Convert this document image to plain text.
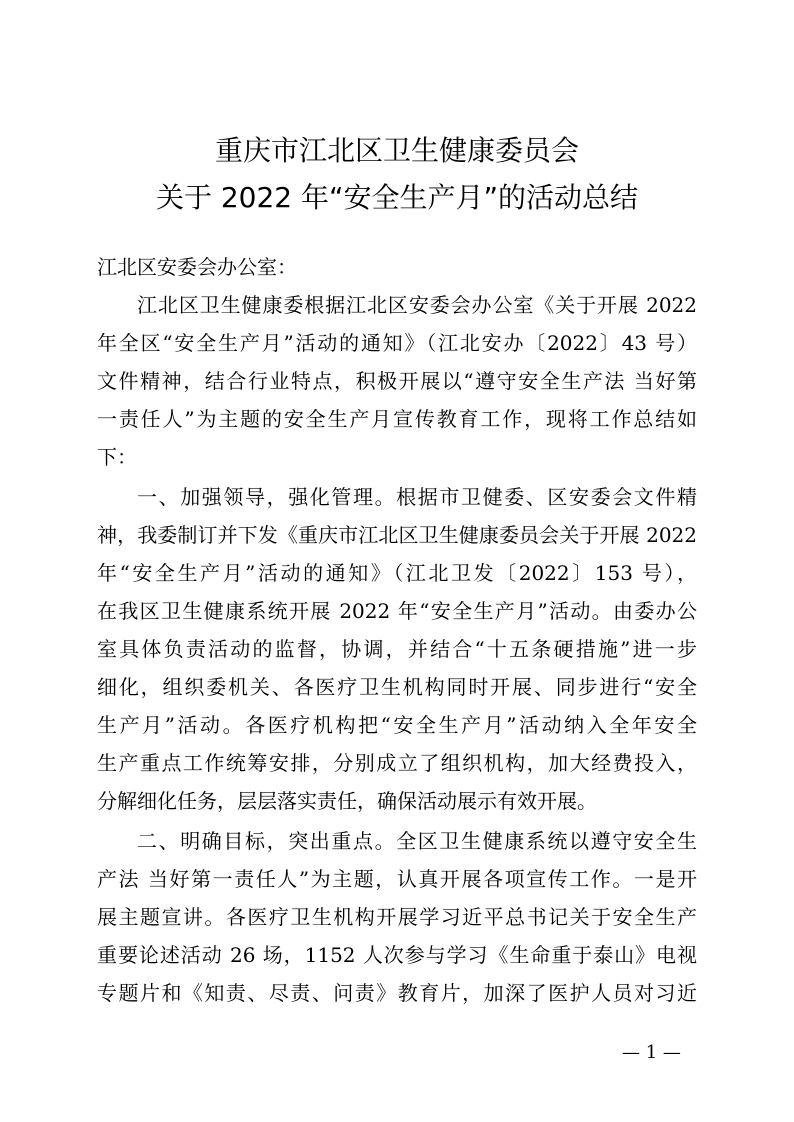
重庆市江北区卫生健康委员会
关于 2022 年“安全生产月”的活动总结
江北区安委会办公室：
江北区卫生健康委根据江北区安委会办公室《关于开展 2022
年全区“安全生产月”活动的通知》（江北安办〔2022〕43 号）
文件精神，结合行业特点，积极开展以“遵守安全生产法 当好第
一责任人”为主题的安全生产月宣传教育工作，现将工作总结如
下：
一、加强领导，强化管理。根据市卫健委、区安委会文件精
神，我委制订并下发《重庆市江北区卫生健康委员会关于开展 2022
年“安全生产月”活动的通知》（江北卫发〔2022〕153 号），
在我区卫生健康系统开展 2022 年“安全生产月”活动。由委办公
室具体负责活动的监督，协调，并结合“十五条硬措施”进一步
细化，组织委机关、各医疗卫生机构同时开展、同步进行“安全
生产月”活动。各医疗机构把“安全生产月”活动纳入全年安全
生产重点工作统筹安排，分别成立了组织机构，加大经费投入，
分解细化任务，层层落实责任，确保活动展示有效开展。
二、明确目标，突出重点。全区卫生健康系统以遵守安全生
产法 当好第一责任人”为主题，认真开展各项宣传工作。一是开
展主题宣讲。各医疗卫生机构开展学习近平总书记关于安全生产
重要论述活动 26 场，1152 人次参与学习《生命重于泰山》电视
专题片和《知责、尽责、问责》教育片，加深了医护人员对习近
— 1 —
